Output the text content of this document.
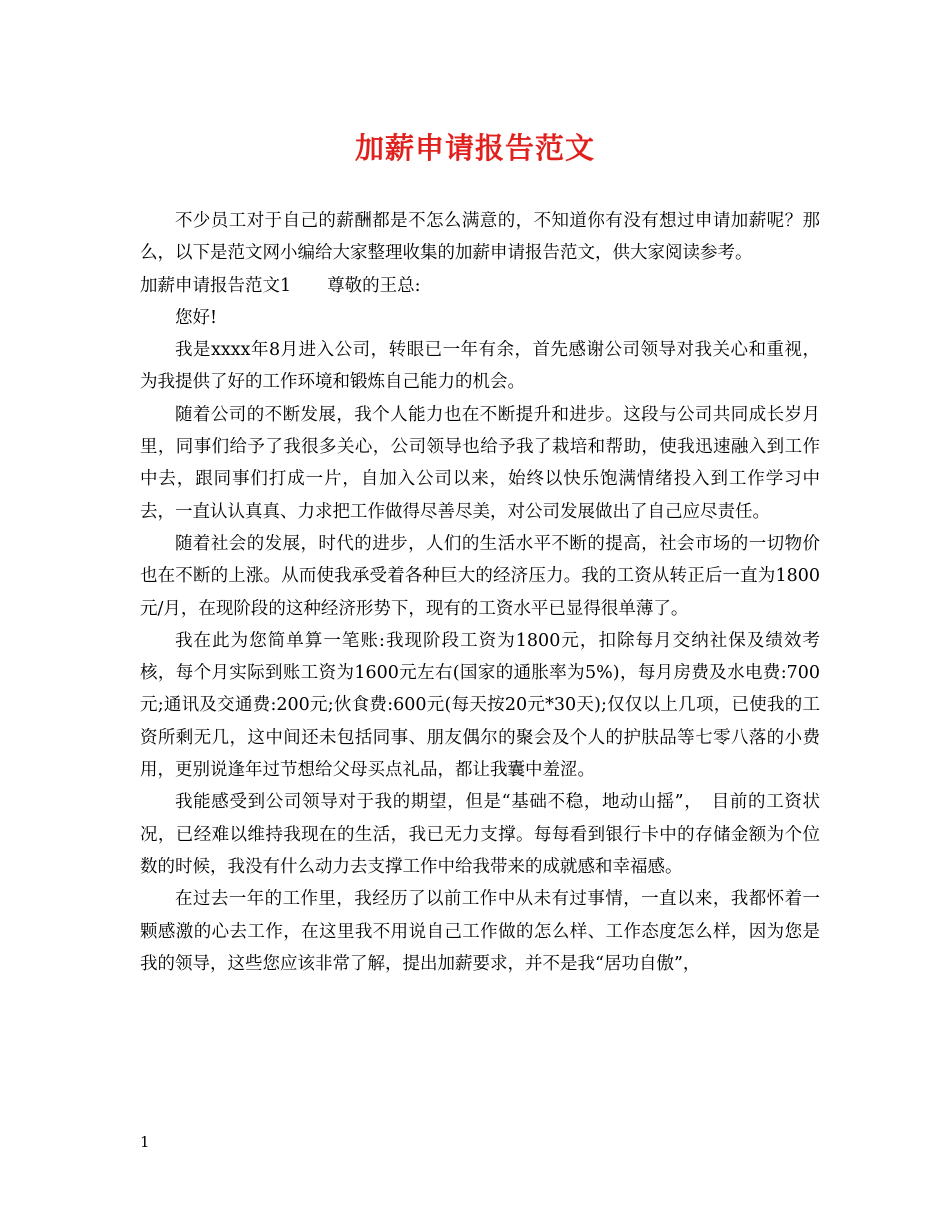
加薪申请报告范文

不少员工对于自己的薪酬都是不怎么满意的，不知道你有没有想过申请加薪呢？那么，以下是范文网小编给大家整理收集的加薪申请报告范文，供大家阅读参考。

加薪申请报告范文1 尊敬的王总:

您好!

我是xxxx年8月进入公司，转眼已一年有余，首先感谢公司领导对我关心和重视，为我提供了好的工作环境和锻炼自己能力的机会。

随着公司的不断发展，我个人能力也在不断提升和进步。这段与公司共同成长岁月里，同事们给予了我很多关心，公司领导也给予我了栽培和帮助，使我迅速融入到工作中去，跟同事们打成一片，自加入公司以来，始终以快乐饱满情绪投入到工作学习中去，一直认认真真、力求把工作做得尽善尽美，对公司发展做出了自己应尽责任。

随着社会的发展，时代的进步，人们的生活水平不断的提高，社会市场的一切物价也在不断的上涨。从而使我承受着各种巨大的经济压力。我的工资从转正后一直为1800元/月，在现阶段的这种经济形势下，现有的工资水平已显得很单薄了。

我在此为您简单算一笔账:我现阶段工资为1800元，扣除每月交纳社保及绩效考核，每个月实际到账工资为1600元左右(国家的通胀率为5%)，每月房费及水电费:700元;通讯及交通费:200元;伙食费:600元(每天按20元*30天);仅仅以上几项，已使我的工资所剩无几，这中间还未包括同事、朋友偶尔的聚会及个人的护肤品等七零八落的小费用，更别说逢年过节想给父母买点礼品，都让我囊中羞涩。

我能感受到公司领导对于我的期望，但是“基础不稳，地动山摇”，　目前的工资状况，已经难以维持我现在的生活，我已无力支撑。每每看到银行卡中的存储金额为个位数的时候，我没有什么动力去支撑工作中给我带来的成就感和幸福感。

在过去一年的工作里，我经历了以前工作中从未有过事情，一直以来，我都怀着一颗感激的心去工作，在这里我不用说自己工作做的怎么样、工作态度怎么样，因为您是我的领导，这些您应该非常了解，提出加薪要求，并不是我“居功自傲”，

1
